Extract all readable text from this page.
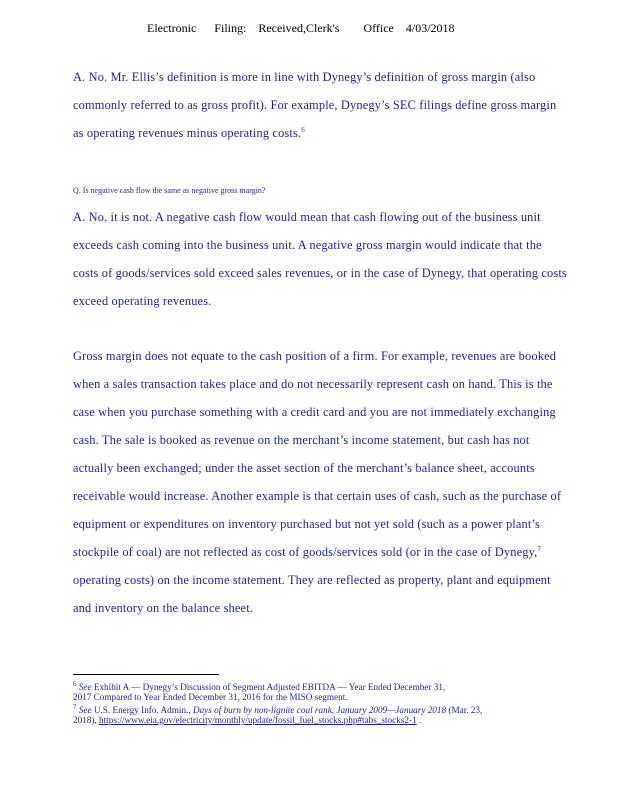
Electronic      Filing:    Received,Clerk's        Office    4/03/2018
A. No. Mr. Ellis’s definition is more in line with Dynegy’s definition of gross margin (also
commonly referred to as gross profit). For example, Dynegy’s SEC filings define gross margin
as operating revenues minus operating costs.$^6$
Q. Is negative cash flow the same as negative gross margin?
A. No, it is not. A negative cash flow would mean that cash flowing out of the business unit
exceeds cash coming into the business unit. A negative gross margin would indicate that the
costs of goods/services sold exceed sales revenues, or in the case of Dynegy, that operating costs
exceed operating revenues.
Gross margin does not equate to the cash position of a firm. For example, revenues are booked
when a sales transaction takes place and do not necessarily represent cash on hand. This is the
case when you purchase something with a credit card and you are not immediately exchanging
cash. The sale is booked as revenue on the merchant’s income statement, but cash has not
actually been exchanged; under the asset section of the merchant’s balance sheet, accounts
receivable would increase. Another example is that certain uses of cash, such as the purchase of
equipment or expenditures on inventory purchased but not yet sold (such as a power plant’s
stockpile of coal) are not reflected as cost of goods/services sold (or in the case of Dynegy,$^7$
operating costs) on the income statement. They are reflected as property, plant and equipment
and inventory on the balance sheet.
$^6$ See Exhibit A — Dynegy’s Discussion of Segment Adjusted EBITDA — Year Ended December 31,
2017 Compared to Year Ended December 31, 2016 for the MISO segment.
$^7$ See U.S. Energy Info. Admin., Days of burn by non-lignite coal rank, January 2009—January 2018 (Mar. 23,
2018), https://www.eia.gov/electricity/monthly/update/fossil_fuel_stocks.php#tabs_stocks2-1 .
